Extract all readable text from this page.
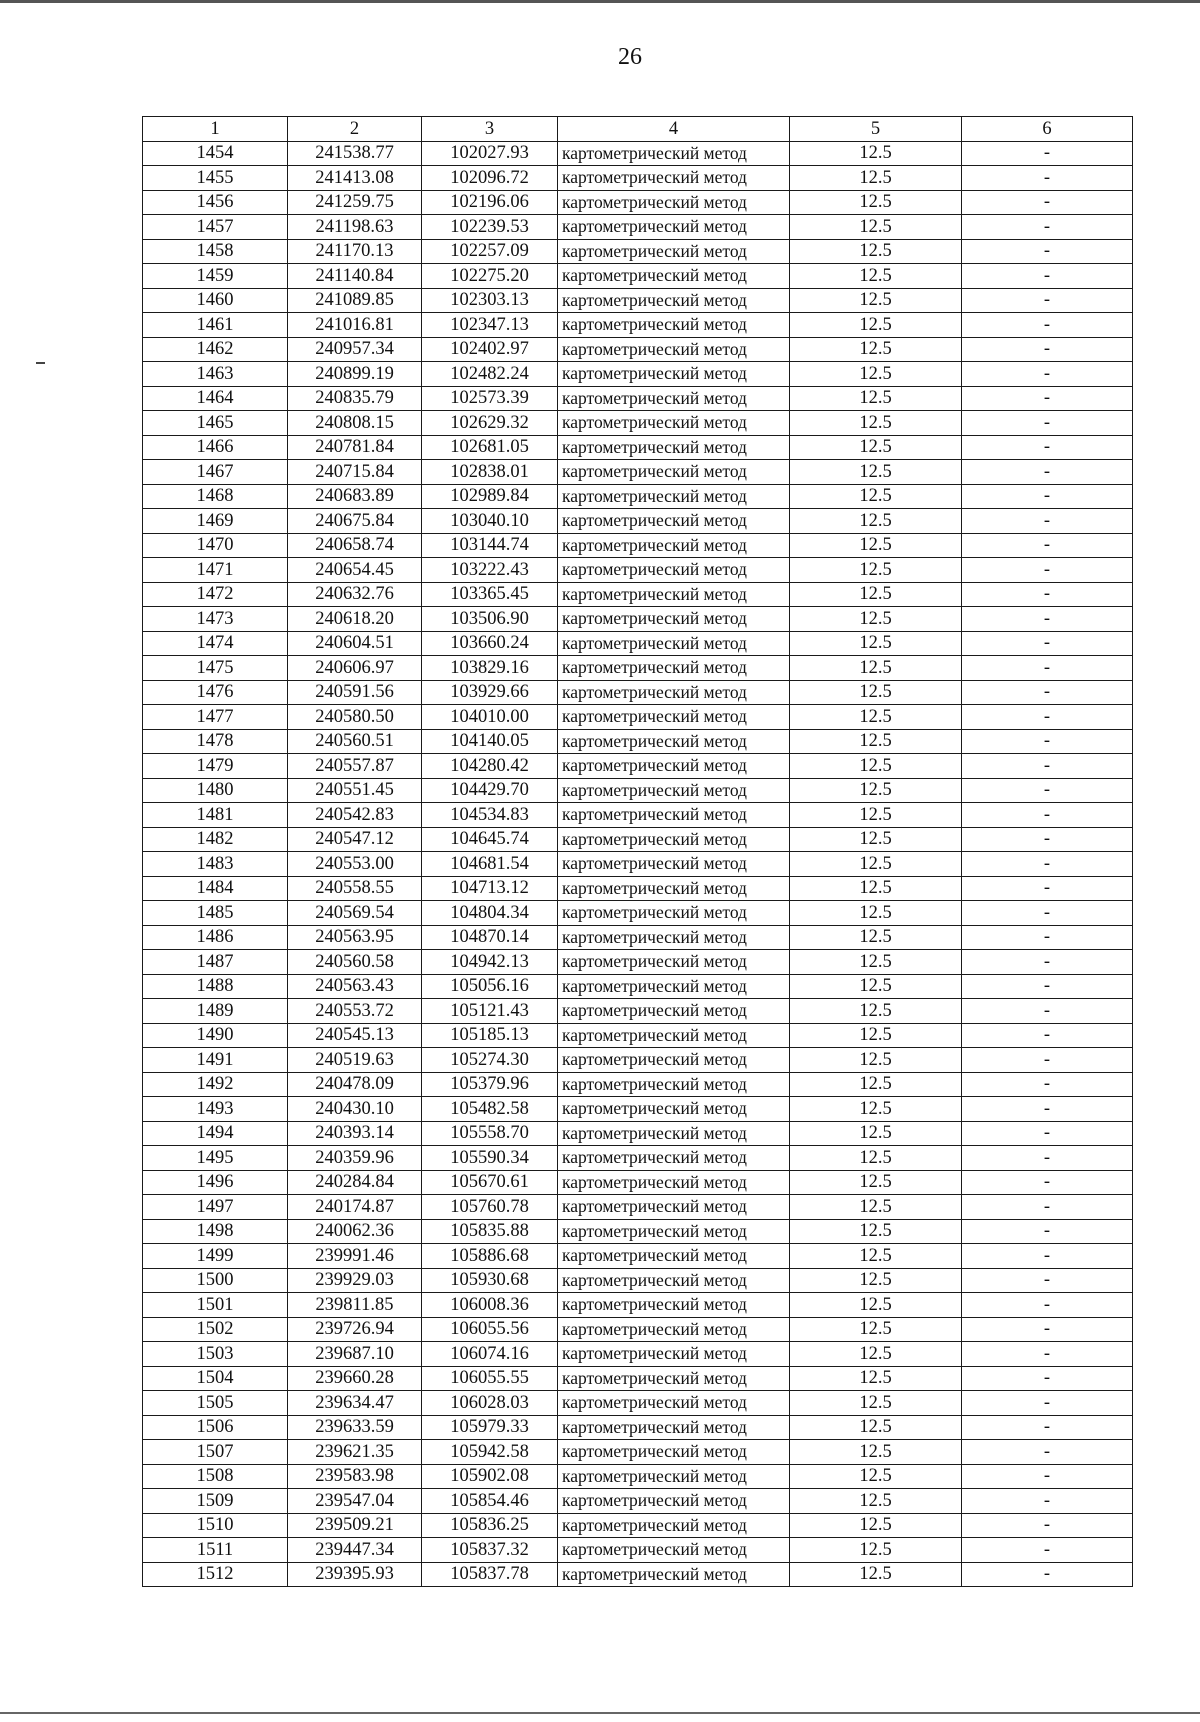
26
1	2	3	4	5	6
1454	241538.77	102027.93	картометрический метод	12.5	-
1455	241413.08	102096.72	картометрический метод	12.5	-
1456	241259.75	102196.06	картометрический метод	12.5	-
1457	241198.63	102239.53	картометрический метод	12.5	-
1458	241170.13	102257.09	картометрический метод	12.5	-
1459	241140.84	102275.20	картометрический метод	12.5	-
1460	241089.85	102303.13	картометрический метод	12.5	-
1461	241016.81	102347.13	картометрический метод	12.5	-
1462	240957.34	102402.97	картометрический метод	12.5	-
1463	240899.19	102482.24	картометрический метод	12.5	-
1464	240835.79	102573.39	картометрический метод	12.5	-
1465	240808.15	102629.32	картометрический метод	12.5	-
1466	240781.84	102681.05	картометрический метод	12.5	-
1467	240715.84	102838.01	картометрический метод	12.5	-
1468	240683.89	102989.84	картометрический метод	12.5	-
1469	240675.84	103040.10	картометрический метод	12.5	-
1470	240658.74	103144.74	картометрический метод	12.5	-
1471	240654.45	103222.43	картометрический метод	12.5	-
1472	240632.76	103365.45	картометрический метод	12.5	-
1473	240618.20	103506.90	картометрический метод	12.5	-
1474	240604.51	103660.24	картометрический метод	12.5	-
1475	240606.97	103829.16	картометрический метод	12.5	-
1476	240591.56	103929.66	картометрический метод	12.5	-
1477	240580.50	104010.00	картометрический метод	12.5	-
1478	240560.51	104140.05	картометрический метод	12.5	-
1479	240557.87	104280.42	картометрический метод	12.5	-
1480	240551.45	104429.70	картометрический метод	12.5	-
1481	240542.83	104534.83	картометрический метод	12.5	-
1482	240547.12	104645.74	картометрический метод	12.5	-
1483	240553.00	104681.54	картометрический метод	12.5	-
1484	240558.55	104713.12	картометрический метод	12.5	-
1485	240569.54	104804.34	картометрический метод	12.5	-
1486	240563.95	104870.14	картометрический метод	12.5	-
1487	240560.58	104942.13	картометрический метод	12.5	-
1488	240563.43	105056.16	картометрический метод	12.5	-
1489	240553.72	105121.43	картометрический метод	12.5	-
1490	240545.13	105185.13	картометрический метод	12.5	-
1491	240519.63	105274.30	картометрический метод	12.5	-
1492	240478.09	105379.96	картометрический метод	12.5	-
1493	240430.10	105482.58	картометрический метод	12.5	-
1494	240393.14	105558.70	картометрический метод	12.5	-
1495	240359.96	105590.34	картометрический метод	12.5	-
1496	240284.84	105670.61	картометрический метод	12.5	-
1497	240174.87	105760.78	картометрический метод	12.5	-
1498	240062.36	105835.88	картометрический метод	12.5	-
1499	239991.46	105886.68	картометрический метод	12.5	-
1500	239929.03	105930.68	картометрический метод	12.5	-
1501	239811.85	106008.36	картометрический метод	12.5	-
1502	239726.94	106055.56	картометрический метод	12.5	-
1503	239687.10	106074.16	картометрический метод	12.5	-
1504	239660.28	106055.55	картометрический метод	12.5	-
1505	239634.47	106028.03	картометрический метод	12.5	-
1506	239633.59	105979.33	картометрический метод	12.5	-
1507	239621.35	105942.58	картометрический метод	12.5	-
1508	239583.98	105902.08	картометрический метод	12.5	-
1509	239547.04	105854.46	картометрический метод	12.5	-
1510	239509.21	105836.25	картометрический метод	12.5	-
1511	239447.34	105837.32	картометрический метод	12.5	-
1512	239395.93	105837.78	картометрический метод	12.5	-
